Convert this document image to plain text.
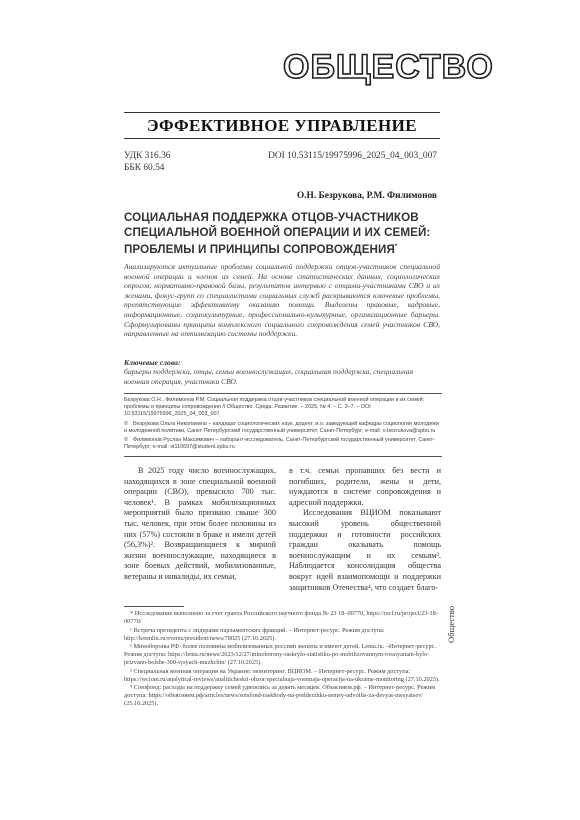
ОБЩЕСТВО
ЭФФЕКТИВНОЕ УПРАВЛЕНИЕ
УДК 316.36
ББК 60.54
DOI 10.53115/19975996_2025_04_003_007
О.Н. Безрукова, Р.М. Филимонов
СОЦИАЛЬНАЯ ПОДДЕРЖКА ОТЦОВ-УЧАСТНИКОВ СПЕЦИАЛЬНОЙ ВОЕННОЙ ОПЕРАЦИИ И ИХ СЕМЕЙ: ПРОБЛЕМЫ И ПРИНЦИПЫ СОПРОВОЖДЕНИЯ*
Анализируются актуальные проблемы социальной поддержки отцов-участников специальной военной операции и членов их семей. На основе статистических данных, социологических опросов, нормативно-правовой базы, результатов интервью с отцами-участниками СВО и их женами, фокус-групп со специалистами социальных служб раскрываются ключевые проблемы, препятствующие эффективному оказанию помощи. Выделены правовые, кадровые, информационные, социокультурные, профессионально-культурные, организационные барьеры. Сформулированы принципы комплексного социального сопровождения семей участников СВО, направленные на оптимизацию системы поддержки.
Ключевые слова:
барьеры поддержки, отцы, семьи военнослужащих, социальная поддержка, специальная военная операция, участники СВО.

Безрукова О.Н., Филимонов Р.М. Социальная поддержка отцов-участников специальной военной операции и их семей: проблемы и принципы сопровождения // Общество. Среда. Развитие. – 2025, № 4. – С. 3–7. – DOI 10.53115/19975996_2025_04_003_007

© Безрукова Ольга Николаевна – кандидат социологических наук, доцент, и.о. заведующей кафедры социологии молодежи и молодежной политики, Санкт-Петербургский государственный университет, Санкт-Петербург; e-mail: o.bezrukova@spbu.ru

© Филимонов Руслан Максимович – лаборант-исследователь, Санкт-Петербургский государственный университет, Санкт-Петербург; e-mail: st110697@student.spbu.ru

В 2025 году число военнослужащих, находящихся в зоне специальной военной операции (СВО), превысило 700 тыс. человек¹. В рамках мобилизационных мероприятий было призвано свыше 300 тыс. человек, при этом более половины из них (57%) состояли в браке и имели детей (56,3%)². Возвращающиеся к мирной жизни военнослужащие, находящиеся в зоне боевых действий, мобилизованные, ветераны и инвалиды, их семьи,

в т.ч. семьи пропавших без вести и погибших, родители, жены и дети, нуждаются в системе сопровождения и адресной поддержки.

Исследования ВЦИОМ показывают высокий уровень общественной поддержки и готовности российских граждан оказывать помощь военнослужащим и их семьям³. Наблюдается консолидация общества вокруг идей взаимопомощи и поддержки защитников Отечества⁴, что создает благо-

* Исследование выполнено за счет гранта Российского научного фонда № 23 18–00770, https://rscf.ru/project/23-18-00770/

¹ Встреча президента с лидерами парламентских фракций. – Интернет-ресурс. Режим доступа: http://kremlin.ru/events/president/news/78025 (27.10.2025).

² Минобороны РФ: более половины мобилизованных россиян женаты и имеют детей. Lenta.ru. –Интернет-ресурс. Режим доступа: https://lenta.ru/news/2023/12/27/minoborony-raskrylo-statistiku-po-mobilizovannym-rossiyanam-bylo-prizvano-bolshe-300-tysyach-muzhchin/ (27.10.2025).

³ Специальная военная операция на Украине: мониторинг. ВЦИОМ. – Интернет-ресурс. Режим доступа: https://wciom.ru/analytical-reviews/analiticheskii-obzor/specialnaja-voennaja-operacija-na-ukraine-monitoring (27.10.2025).

⁴ Союфонд: расходы на поддержку семей удвоились за девять месяцев. Объясняем.рф. – Интернет-ресурс. Режим доступа: https://объясняем.рф/articles/news/sotsfond-raskhody-na-podderzhku-semey-udvoilis-za-devyat-mesyatsev/ (25.10.2025).

Общество
